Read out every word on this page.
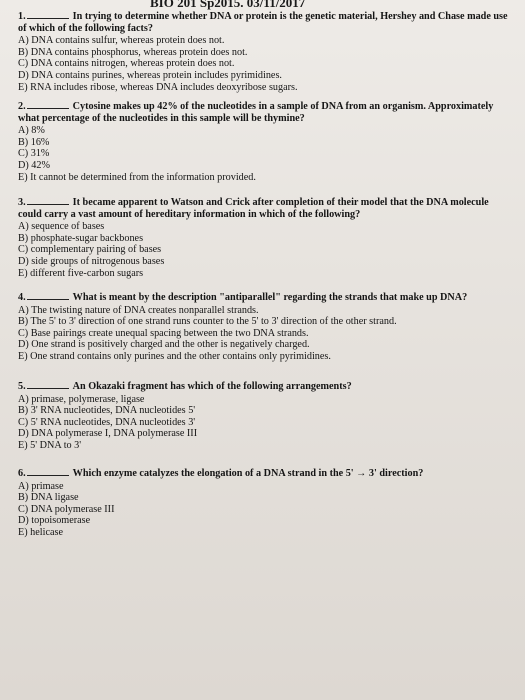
BIO 201 Sp2015. 03/11/2017
1.	In trying to determine whether DNA or protein is the genetic material, Hershey and Chase made use of which of the following facts?
A) DNA contains sulfur, whereas protein does not.
B) DNA contains phosphorus, whereas protein does not.
C) DNA contains nitrogen, whereas protein does not.
D) DNA contains purines, whereas protein includes pyrimidines.
E) RNA includes ribose, whereas DNA includes deoxyribose sugars.
2.	Cytosine makes up 42% of the nucleotides in a sample of DNA from an organism. Approximately what percentage of the nucleotides in this sample will be thymine?
A) 8%
B) 16%
C) 31%
D) 42%
E) It cannot be determined from the information provided.
3.	It became apparent to Watson and Crick after completion of their model that the DNA molecule could carry a vast amount of hereditary information in which of the following?
A) sequence of bases
B) phosphate-sugar backbones
C) complementary pairing of bases
D) side groups of nitrogenous bases
E) different five-carbon sugars
4.	What is meant by the description "antiparallel" regarding the strands that make up DNA?
A) The twisting nature of DNA creates nonparallel strands.
B) The 5' to 3' direction of one strand runs counter to the 5' to 3' direction of the other strand.
C) Base pairings create unequal spacing between the two DNA strands.
D) One strand is positively charged and the other is negatively charged.
E) One strand contains only purines and the other contains only pyrimidines.
5.	An Okazaki fragment has which of the following arrangements?
A) primase, polymerase, ligase
B) 3' RNA nucleotides, DNA nucleotides 5'
C) 5' RNA nucleotides, DNA nucleotides 3'
D) DNA polymerase I, DNA polymerase III
E) 5' DNA to 3'
6.	Which enzyme catalyzes the elongation of a DNA strand in the 5' → 3' direction?
A) primase
B) DNA ligase
C) DNA polymerase III
D) topoisomerase
E) helicase
